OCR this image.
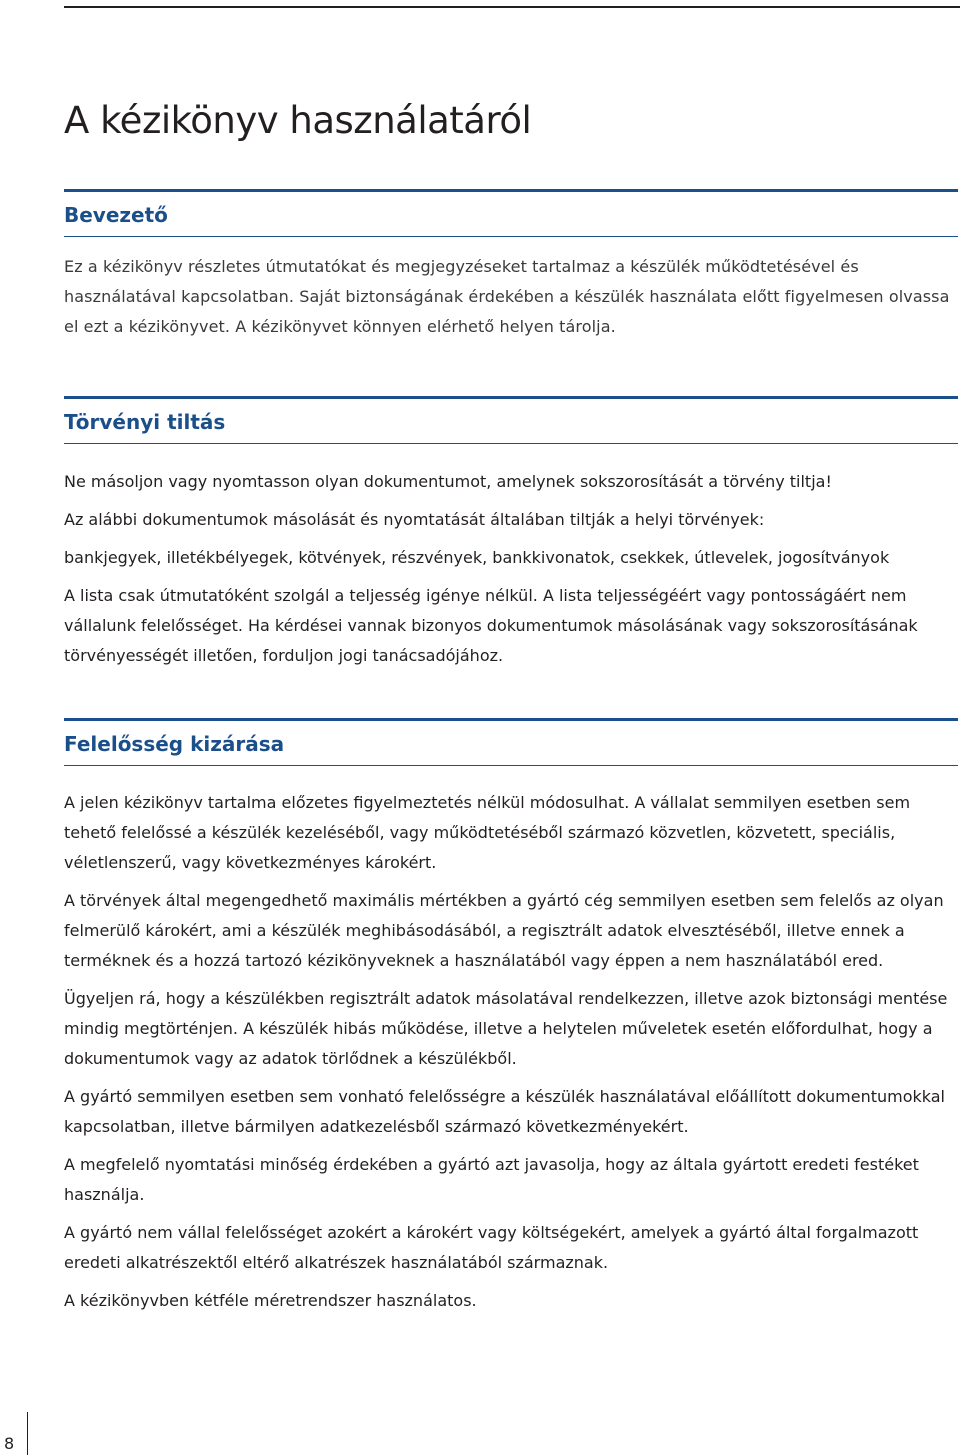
A kézikönyv használatáról
Bevezető

Ez a kézikönyv részletes útmutatókat és megjegyzéseket tartalmaz a készülék működtetésével és használatával kapcsolatban. Saját biztonságának érdekében a készülék használata előtt figyelmesen olvassa el ezt a kézikönyvet. A kézikönyvet könnyen elérhető helyen tárolja.

Törvényi tiltás

Ne másoljon vagy nyomtasson olyan dokumentumot, amelynek sokszorosítását a törvény tiltja!

Az alábbi dokumentumok másolását és nyomtatását általában tiltják a helyi törvények:

bankjegyek, illetékbélyegek, kötvények, részvények, bankkivonatok, csekkek, útlevelek, jogosítványok

A lista csak útmutatóként szolgál a teljesség igénye nélkül. A lista teljességéért vagy pontosságáért nem vállalunk felelősséget. Ha kérdései vannak bizonyos dokumentumok másolásának vagy sokszorosításának törvényességét illetően, forduljon jogi tanácsadójához.

Felelősség kizárása

A jelen kézikönyv tartalma előzetes figyelmeztetés nélkül módosulhat. A vállalat semmilyen esetben sem tehető felelőssé a készülék kezeléséből, vagy működtetéséből származó közvetlen, közvetett, speciális, véletlenszerű, vagy következményes károkért.

A törvények által megengedhető maximális mértékben a gyártó cég semmilyen esetben sem felelős az olyan felmerülő károkért, ami a készülék meghibásodásából, a regisztrált adatok elvesztéséből, illetve ennek a terméknek és a hozzá tartozó kézikönyveknek a használatából vagy éppen a nem használatából ered.

Ügyeljen rá, hogy a készülékben regisztrált adatok másolatával rendelkezzen, illetve azok biztonsági mentése mindig megtörténjen. A készülék hibás működése, illetve a helytelen műveletek esetén előfordulhat, hogy a dokumentumok vagy az adatok törlődnek a készülékből.

A gyártó semmilyen esetben sem vonható felelősségre a készülék használatával előállított dokumentumokkal kapcsolatban, illetve bármilyen adatkezelésből származó következményekért.

A megfelelő nyomtatási minőség érdekében a gyártó azt javasolja, hogy az általa gyártott eredeti festéket használja.

A gyártó nem vállal felelősséget azokért a károkért vagy költségekért, amelyek a gyártó által forgalmazott eredeti alkatrészektől eltérő alkatrészek használatából származnak.

A kézikönyvben kétféle méretrendszer használatos.

8
